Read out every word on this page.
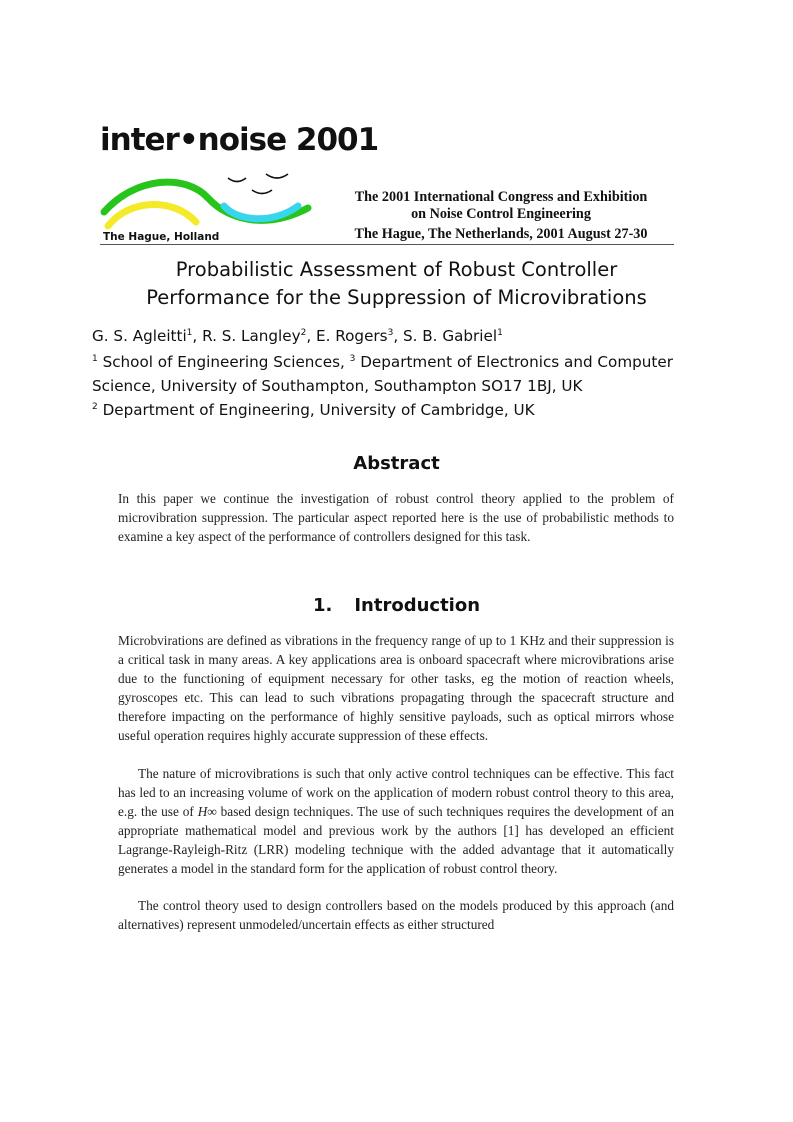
inter•noise 2001
The Hague, Holland
The 2001 International Congress and Exhibition
on Noise Control Engineering
The Hague, The Netherlands, 2001 August 27-30
Probabilistic Assessment of Robust Controller
Performance for the Suppression of Microvibrations
G. S. Agleitti$^1$, R. S. Langley$^2$, E. Rogers$^3$, S. B. Gabriel$^1$
$^1$ School of Engineering Sciences, $^3$ Department of Electronics and Computer
Science, University of Southampton, Southampton SO17 1BJ, UK
$^2$ Department of Engineering, University of Cambridge, UK
Abstract

In this paper we continue the investigation of robust control theory applied to the problem of microvibration suppression. The particular aspect reported here is the use of probabilistic methods to examine a key aspect of the performance of controllers designed for this task.

1. Introduction

Microbvirations are defined as vibrations in the frequency range of up to 1 KHz and their suppression is a critical task in many areas. A key applications area is onboard spacecraft where microvibrations arise due to the functioning of equipment necessary for other tasks, eg the motion of reaction wheels, gyroscopes etc. This can lead to such vibrations propagating through the spacecraft structure and therefore impacting on the performance of highly sensitive payloads, such as optical mirrors whose useful operation requires highly accurate suppression of these effects.

The nature of microvibrations is such that only active control techniques can be effective. This fact has led to an increasing volume of work on the application of modern robust control theory to this area, e.g. the use of H∞ based design techniques. The use of such techniques requires the development of an appropriate mathematical model and previous work by the authors [1] has developed an efficient Lagrange-Rayleigh-Ritz (LRR) modeling technique with the added advantage that it automatically generates a model in the standard form for the application of robust control theory.

The control theory used to design controllers based on the models produced by this approach (and alternatives) represent unmodeled/uncertain effects as either structured
